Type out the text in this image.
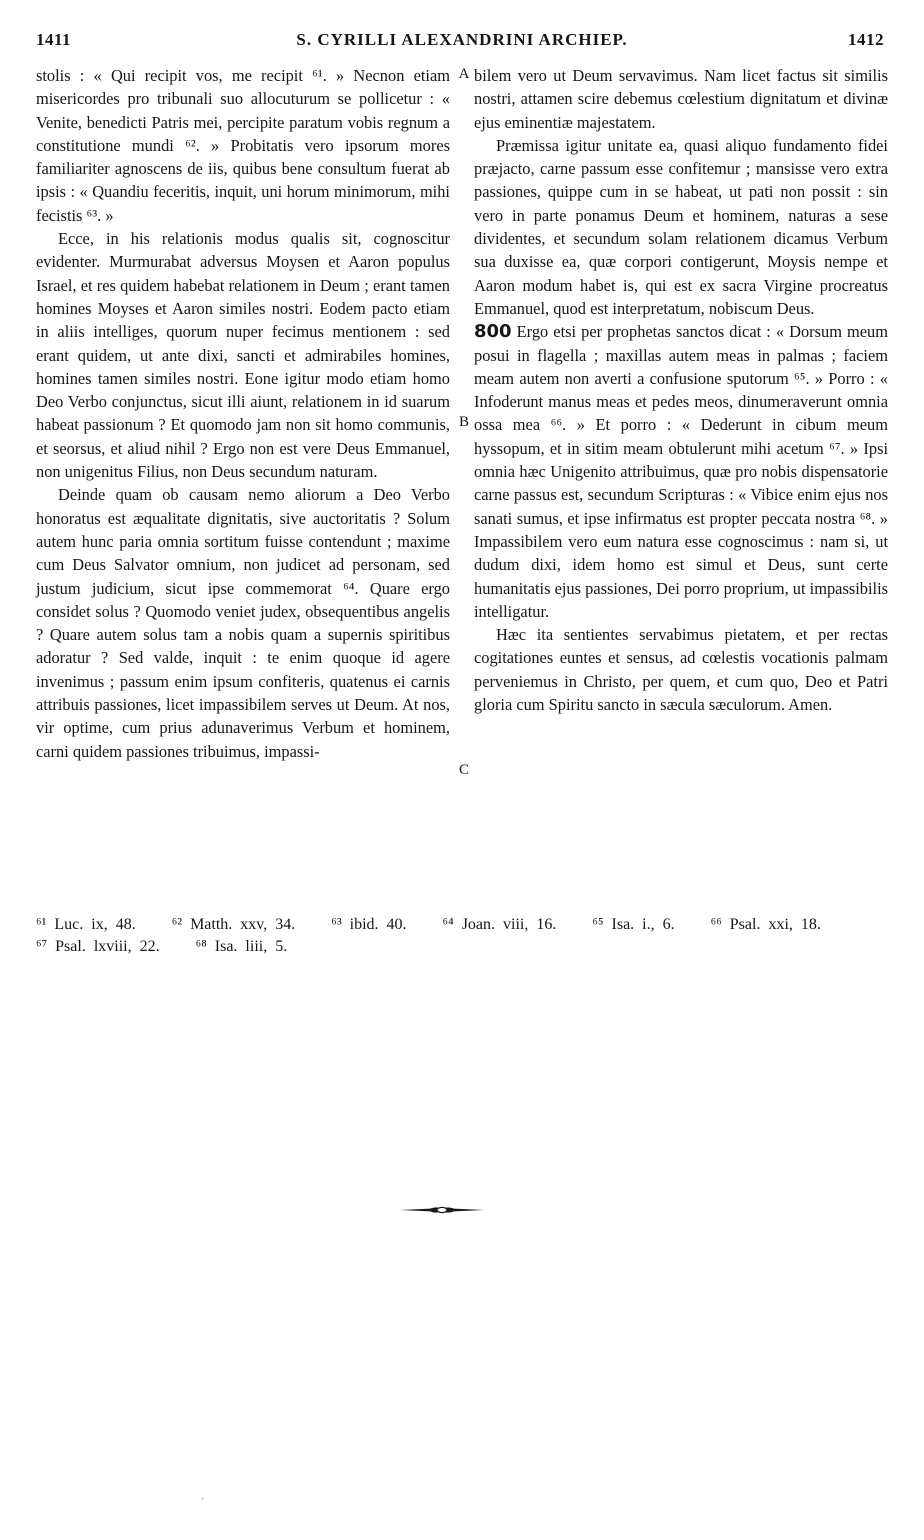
1411	S. CYRILLI ALEXANDRINI ARCHIEP.	1412

stolis : « Qui recipit vos, me recipit ⁶¹. » Necnon etiam misericordes pro tribunali suo allocuturum se pollicetur : « Venite, benedicti Patris mei, percipite paratum vobis regnum a constitutione mundi ⁶². » Probitatis vero ipsorum mores familiariter agnoscens de iis, quibus bene consultum fuerat ab ipsis : « Quandiu feceritis, inquit, uni horum minimorum, mihi fecistis ⁶³. »

Ecce, in his relationis modus qualis sit, cognoscitur evidenter. Murmurabat adversus Moysen et Aaron populus Israel, et res quidem habebat relationem in Deum ; erant tamen homines Moyses et Aaron similes nostri. Eodem pacto etiam in aliis intelliges, quorum nuper fecimus mentionem : sed erant quidem, ut ante dixi, sancti et admirabiles homines, homines tamen similes nostri. Eone igitur modo etiam homo Deo Verbo conjunctus, sicut illi aiunt, relationem in id suarum habeat passionum ? Et quomodo jam non sit homo communis, et seorsus, et aliud nihil ? Ergo non est vere Deus Emmanuel, non unigenitus Filius, non Deus secundum naturam.

Deinde quam ob causam nemo aliorum a Deo Verbo honoratus est æqualitate dignitatis, sive auctoritatis ? Solum autem hunc paria omnia sortitum fuisse contendunt ; maxime cum Deus Salvator omnium, non judicet ad personam, sed justum judicium, sicut ipse commemorat ⁶⁴. Quare ergo considet solus ? Quomodo veniet judex, obsequentibus angelis ? Quare autem solus tam a nobis quam a supernis spiritibus adoratur ? Sed valde, inquit : te enim quoque id agere invenimus ; passum enim ipsum confiteris, quatenus ei carnis attribuis passiones, licet impassibilem serves ut Deum. At nos, vir optime, cum prius adunaverimus Verbum et hominem, carni quidem passiones tribuimus, impassi-

A
B
C

bilem vero ut Deum servavimus. Nam licet factus sit similis nostri, attamen scire debemus cœlestium dignitatum et divinæ ejus eminentiæ majestatem.

Præmissa igitur unitate ea, quasi aliquo fundamento fidei præjacto, carne passum esse confitemur ; mansisse vero extra passiones, quippe cum in se habeat, ut pati non possit : sin vero in parte ponamus Deum et hominem, naturas a sese dividentes, et secundum solam relationem dicamus Verbum sua duxisse ea, quæ corpori contigerunt, Moysis nempe et Aaron modum habet is, qui est ex sacra Virgine procreatus Emmanuel, quod est interpretatum, nobiscum Deus.

800 Ergo etsi per prophetas sanctos dicat : « Dorsum meum posui in flagella ; maxillas autem meas in palmas ; faciem meam autem non averti a confusione sputorum ⁶⁵. » Porro : « Infoderunt manus meas et pedes meos, dinumeraverunt omnia ossa mea ⁶⁶. » Et porro : « Dederunt in cibum meum hyssopum, et in sitim meam obtulerunt mihi acetum ⁶⁷. » Ipsi omnia hæc Unigenito attribuimus, quæ pro nobis dispensatorie carne passus est, secundum Scripturas : « Vibice enim ejus nos sanati sumus, et ipse infirmatus est propter peccata nostra ⁶⁸. » Impassibilem vero eum natura esse cognoscimus : nam si, ut dudum dixi, idem homo est simul et Deus, sunt certe humanitatis ejus passiones, Dei porro proprium, ut impassibilis intelligatur.

Hæc ita sentientes servabimus pietatem, et per rectas cogitationes euntes et sensus, ad cœlestis vocationis palmam perveniemus in Christo, per quem, et cum quo, Deo et Patri gloria cum Spiritu sancto in sæcula sæculorum. Amen.

⁶¹ Luc. ix, 48. ⁶² Matth. xxv, 34. ⁶³ ibid. 40. ⁶⁴ Joan. viii, 16. ⁶⁵ Isa. i., 6. ⁶⁶ Psal. xxi, 18.
⁶⁷ Psal. lxviii, 22. ⁶⁸ Isa. liii, 5.
◦
